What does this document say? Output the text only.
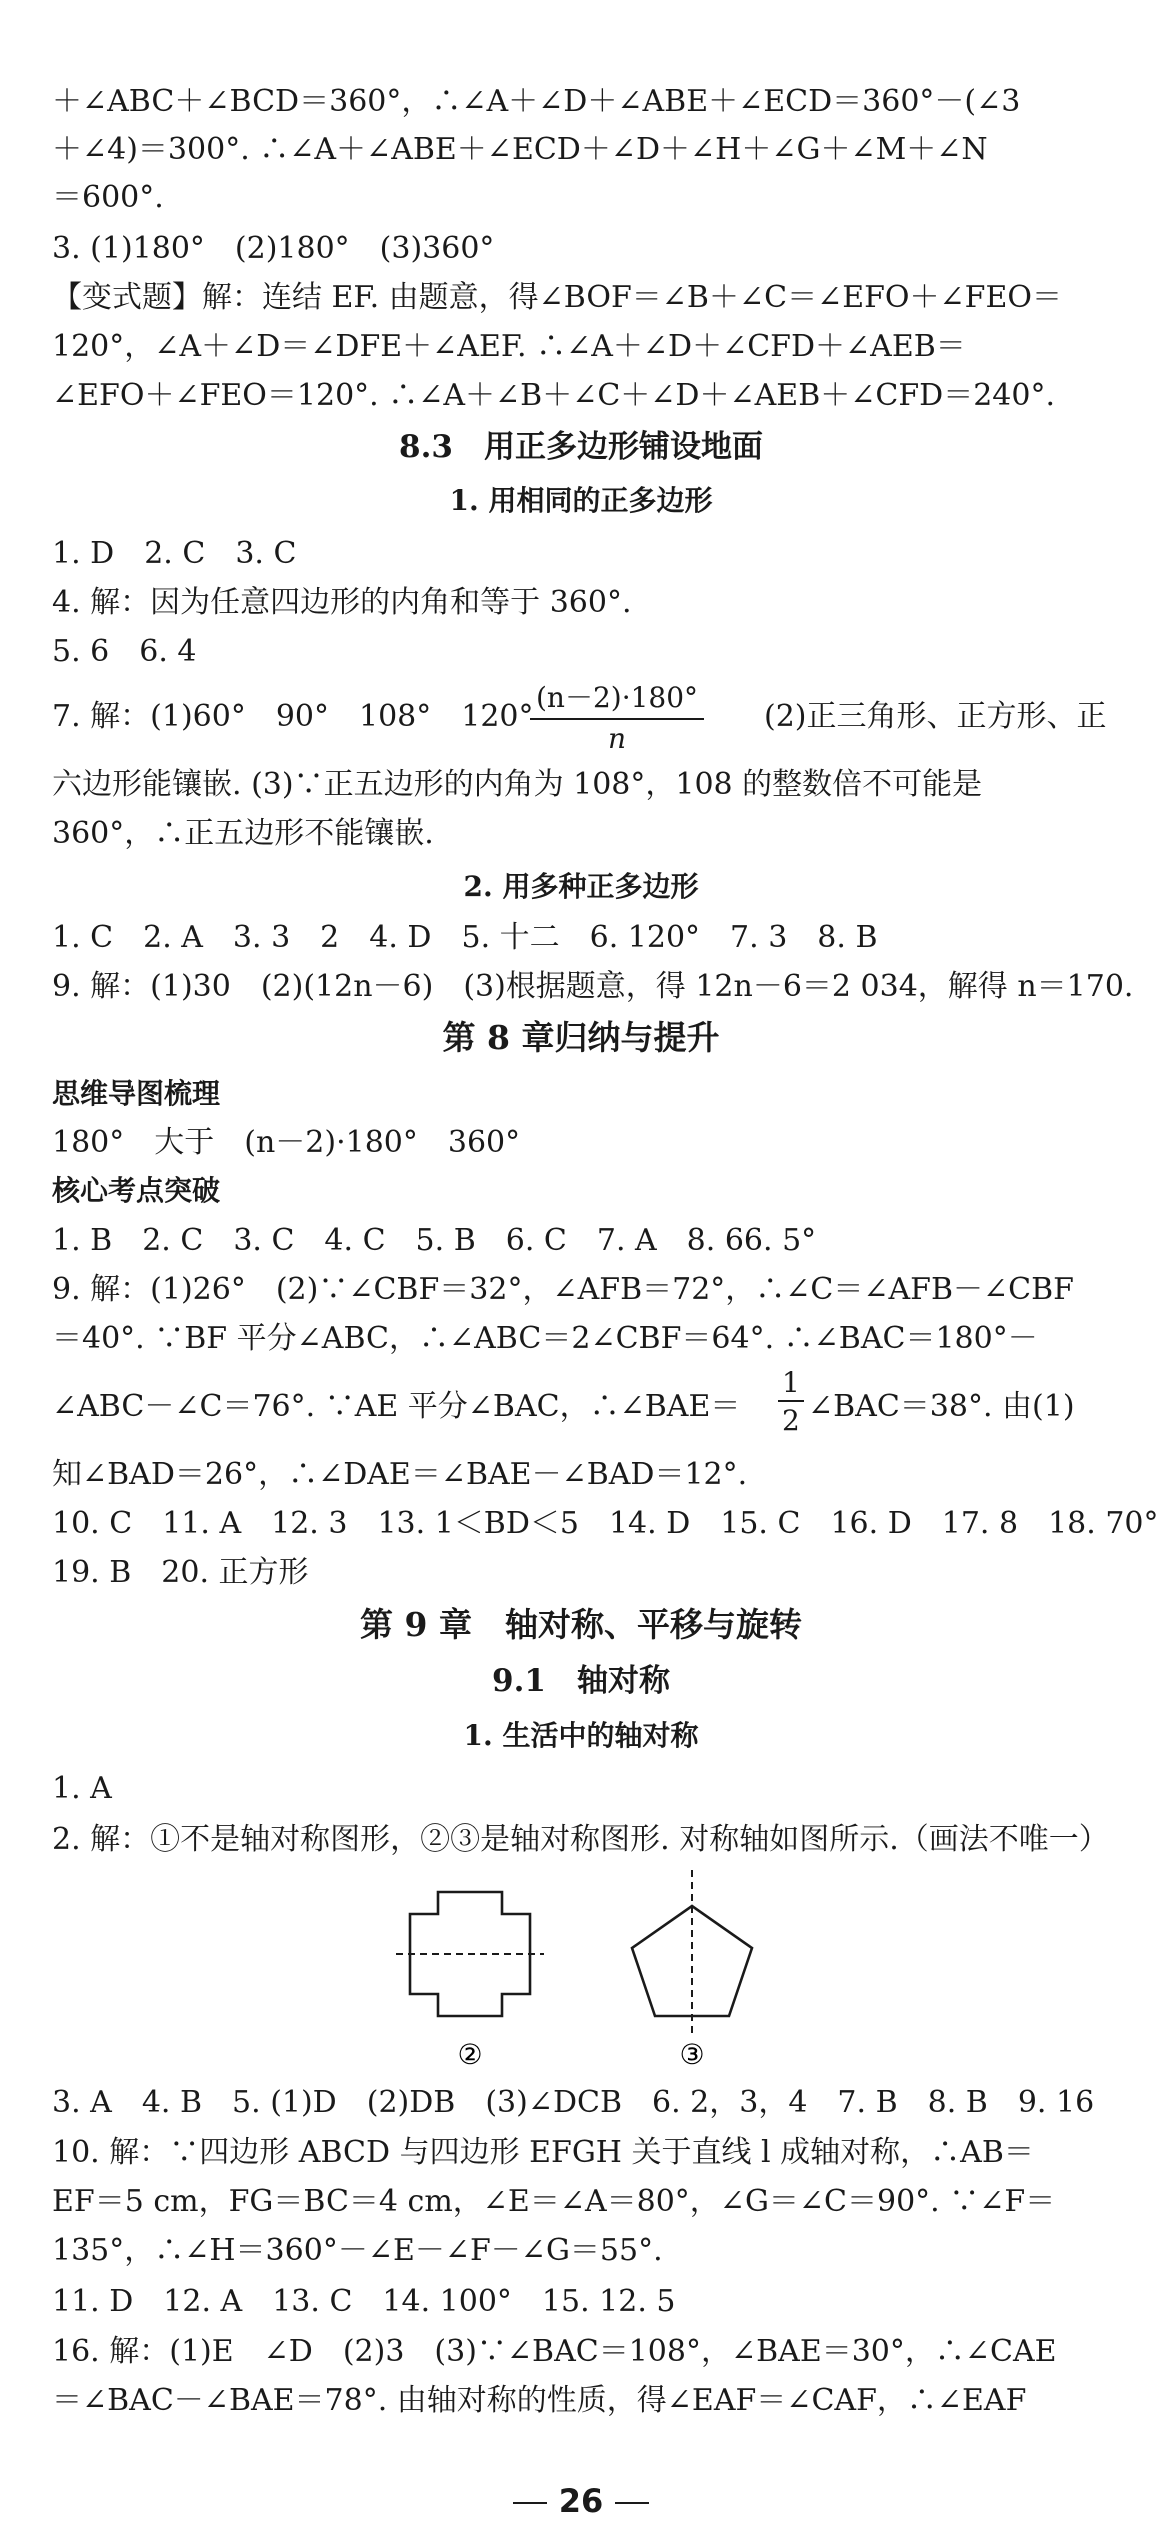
＋∠ABC＋∠BCD＝360°，∴∠A＋∠D＋∠ABE＋∠ECD＝360°－(∠3
＋∠4)＝300°. ∴∠A＋∠ABE＋∠ECD＋∠D＋∠H＋∠G＋∠M＋∠N
＝600°.
3. (1)180°　(2)180°　(3)360°
【变式题】解：连结 EF. 由题意，得∠BOF＝∠B＋∠C＝∠EFO＋∠FEO＝
120°，∠A＋∠D＝∠DFE＋∠AEF. ∴∠A＋∠D＋∠CFD＋∠AEB＝
∠EFO＋∠FEO＝120°. ∴∠A＋∠B＋∠C＋∠D＋∠AEB＋∠CFD＝240°.
8.3　用正多边形铺设地面
1. 用相同的正多边形
1. D　2. C　3. C
4. 解：因为任意四边形的内角和等于 360°.
5. 6　6. 4
7. 解：(1)60°　90°　108°　120°
$\frac{(n-2)\cdot 180^\circ}{n} (2)$正三角形、正方形、正
六边形能镶嵌. (3)∵正五边形的内角为 108°，108 的整数倍不可能是
360°，∴正五边形不能镶嵌.
2. 用多种正多边形
1. C　2. A　3. 3　2　4. D　5. 十二　6. 120°　7. 3　8. B
9. 解：(1)30　(2)(12n－6)　(3)根据题意，得 12n－6＝2 034，解得 n＝170.
第 8 章归纳与提升
思维导图梳理
180°　大于　(n－2)·180°　360°
核心考点突破
1. B　2. C　3. C　4. C　5. B　6. C　7. A　8. 66. 5°
9. 解：(1)26°　(2)∵∠CBF＝32°，∠AFB＝72°，∴∠C＝∠AFB－∠CBF
＝40°. ∵BF 平分∠ABC，∴∠ABC＝2∠CBF＝64°. ∴∠BAC＝180°－
∠ABC－∠C＝76°. ∵AE 平分∠BAC，∴∠BAE＝	$\frac{1}{2}$ ∠BAC＝38°. 由(1)
知∠BAD＝26°，∴∠DAE＝∠BAE－∠BAD＝12°.
10. C　11. A　12. 3　13. 1＜BD＜5　14. D　15. C　16. D　17. 8　18. 70°
19. B　20. 正方形
第 9 章　轴对称、平移与旋转
9.1　轴对称
1. 生活中的轴对称
1. A
2. 解：①不是轴对称图形，②③是轴对称图形. 对称轴如图所示.（画法不唯一）
②	③
3. A　4. B　5. (1)D　(2)DB　(3)∠DCB　6. 2，3，4　7. B　8. B　9. 16
10. 解：∵四边形 ABCD 与四边形 EFGH 关于直线 l 成轴对称，∴AB＝
EF＝5 cm，FG＝BC＝4 cm，∠E＝∠A＝80°，∠G＝∠C＝90°. ∵∠F＝
135°，∴∠H＝360°－∠E－∠F－∠G＝55°.
11. D　12. A　13. C　14. 100°　15. 12. 5
16. 解：(1)E　∠D　(2)3　(3)∵∠BAC＝108°，∠BAE＝30°，∴∠CAE
＝∠BAC－∠BAE＝78°. 由轴对称的性质，得∠EAF＝∠CAF，∴∠EAF
26
